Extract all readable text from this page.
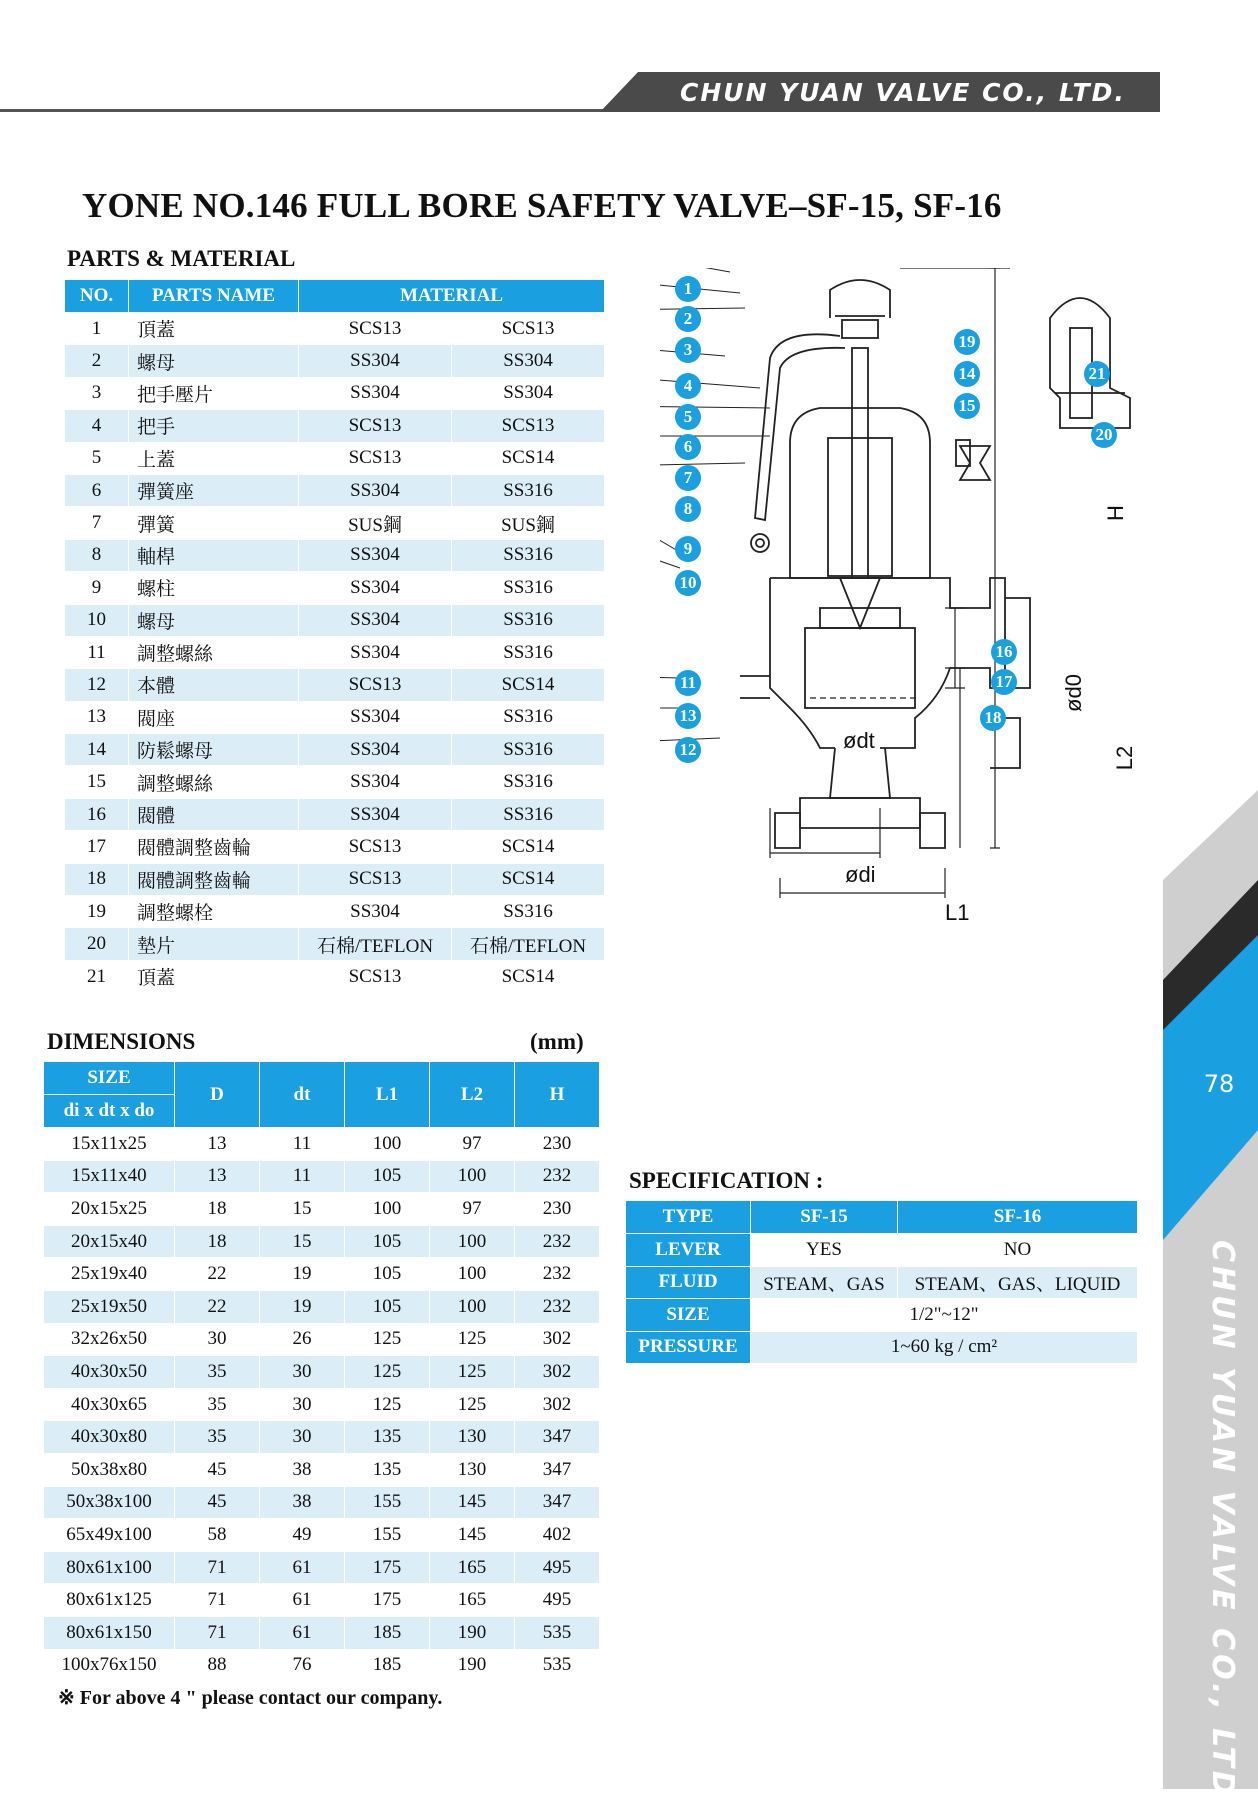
CHUN YUAN VALVE CO., LTD.
YONE NO.146 FULL BORE SAFETY VALVE–SF-15, SF-16
PARTS & MATERIAL
NO.	PARTS NAME	MATERIAL	
1	頂蓋	SCS13	SCS13
2	螺母	SS304	SS304
3	把手壓片	SS304	SS304
4	把手	SCS13	SCS13
5	上蓋	SCS13	SCS14
6	彈簧座	SS304	SS316
7	彈簧	SUS鋼	SUS鋼
8	軸桿	SS304	SS316
9	螺柱	SS304	SS316
10	螺母	SS304	SS316
11	調整螺絲	SS304	SS316
12	本體	SCS13	SCS14
13	閥座	SS304	SS316
14	防鬆螺母	SS304	SS316
15	調整螺絲	SS304	SS316
16	閥體	SS304	SS316
17	閥體調整齒輪	SCS13	SCS14
18	閥體調整齒輪	SCS13	SCS14
19	調整螺栓	SS304	SS316
20	墊片	石棉/TEFLON	石棉/TEFLON
21	頂蓋	SCS13	SCS14
1
2
3
4
5
6
7
8
9
10
11
12
13
14
15
16
17
18
19
20
21
H
ød0
L2
ødt
ødi
L1
DIMENSIONS	(mm)
SIZE	D	dt	L1	L2	H
di x dt x do					
15x11x25	13	11	100	97	230
15x11x40	13	11	105	100	232
20x15x25	18	15	100	97	230
20x15x40	18	15	105	100	232
25x19x40	22	19	105	100	232
25x19x50	22	19	105	100	232
32x26x50	30	26	125	125	302
40x30x50	35	30	125	125	302
40x30x65	35	30	125	125	302
40x30x80	35	30	135	130	347
50x38x80	45	38	135	130	347
50x38x100	45	38	155	145	347
65x49x100	58	49	155	145	402
80x61x100	71	61	175	165	495
80x61x125	71	61	175	165	495
80x61x150	71	61	185	190	535
100x76x150	88	76	185	190	535
※ For above 4 " please contact our company.
SPECIFICATION :
TYPE	SF-15	SF-16
LEVER	YES	NO
FLUID	STEAM、GAS	STEAM、GAS、LIQUID
SIZE	1/2"~12"	
PRESSURE	1~60 kg / cm²	
78
CHUN YUAN VALVE CO., LTD.
